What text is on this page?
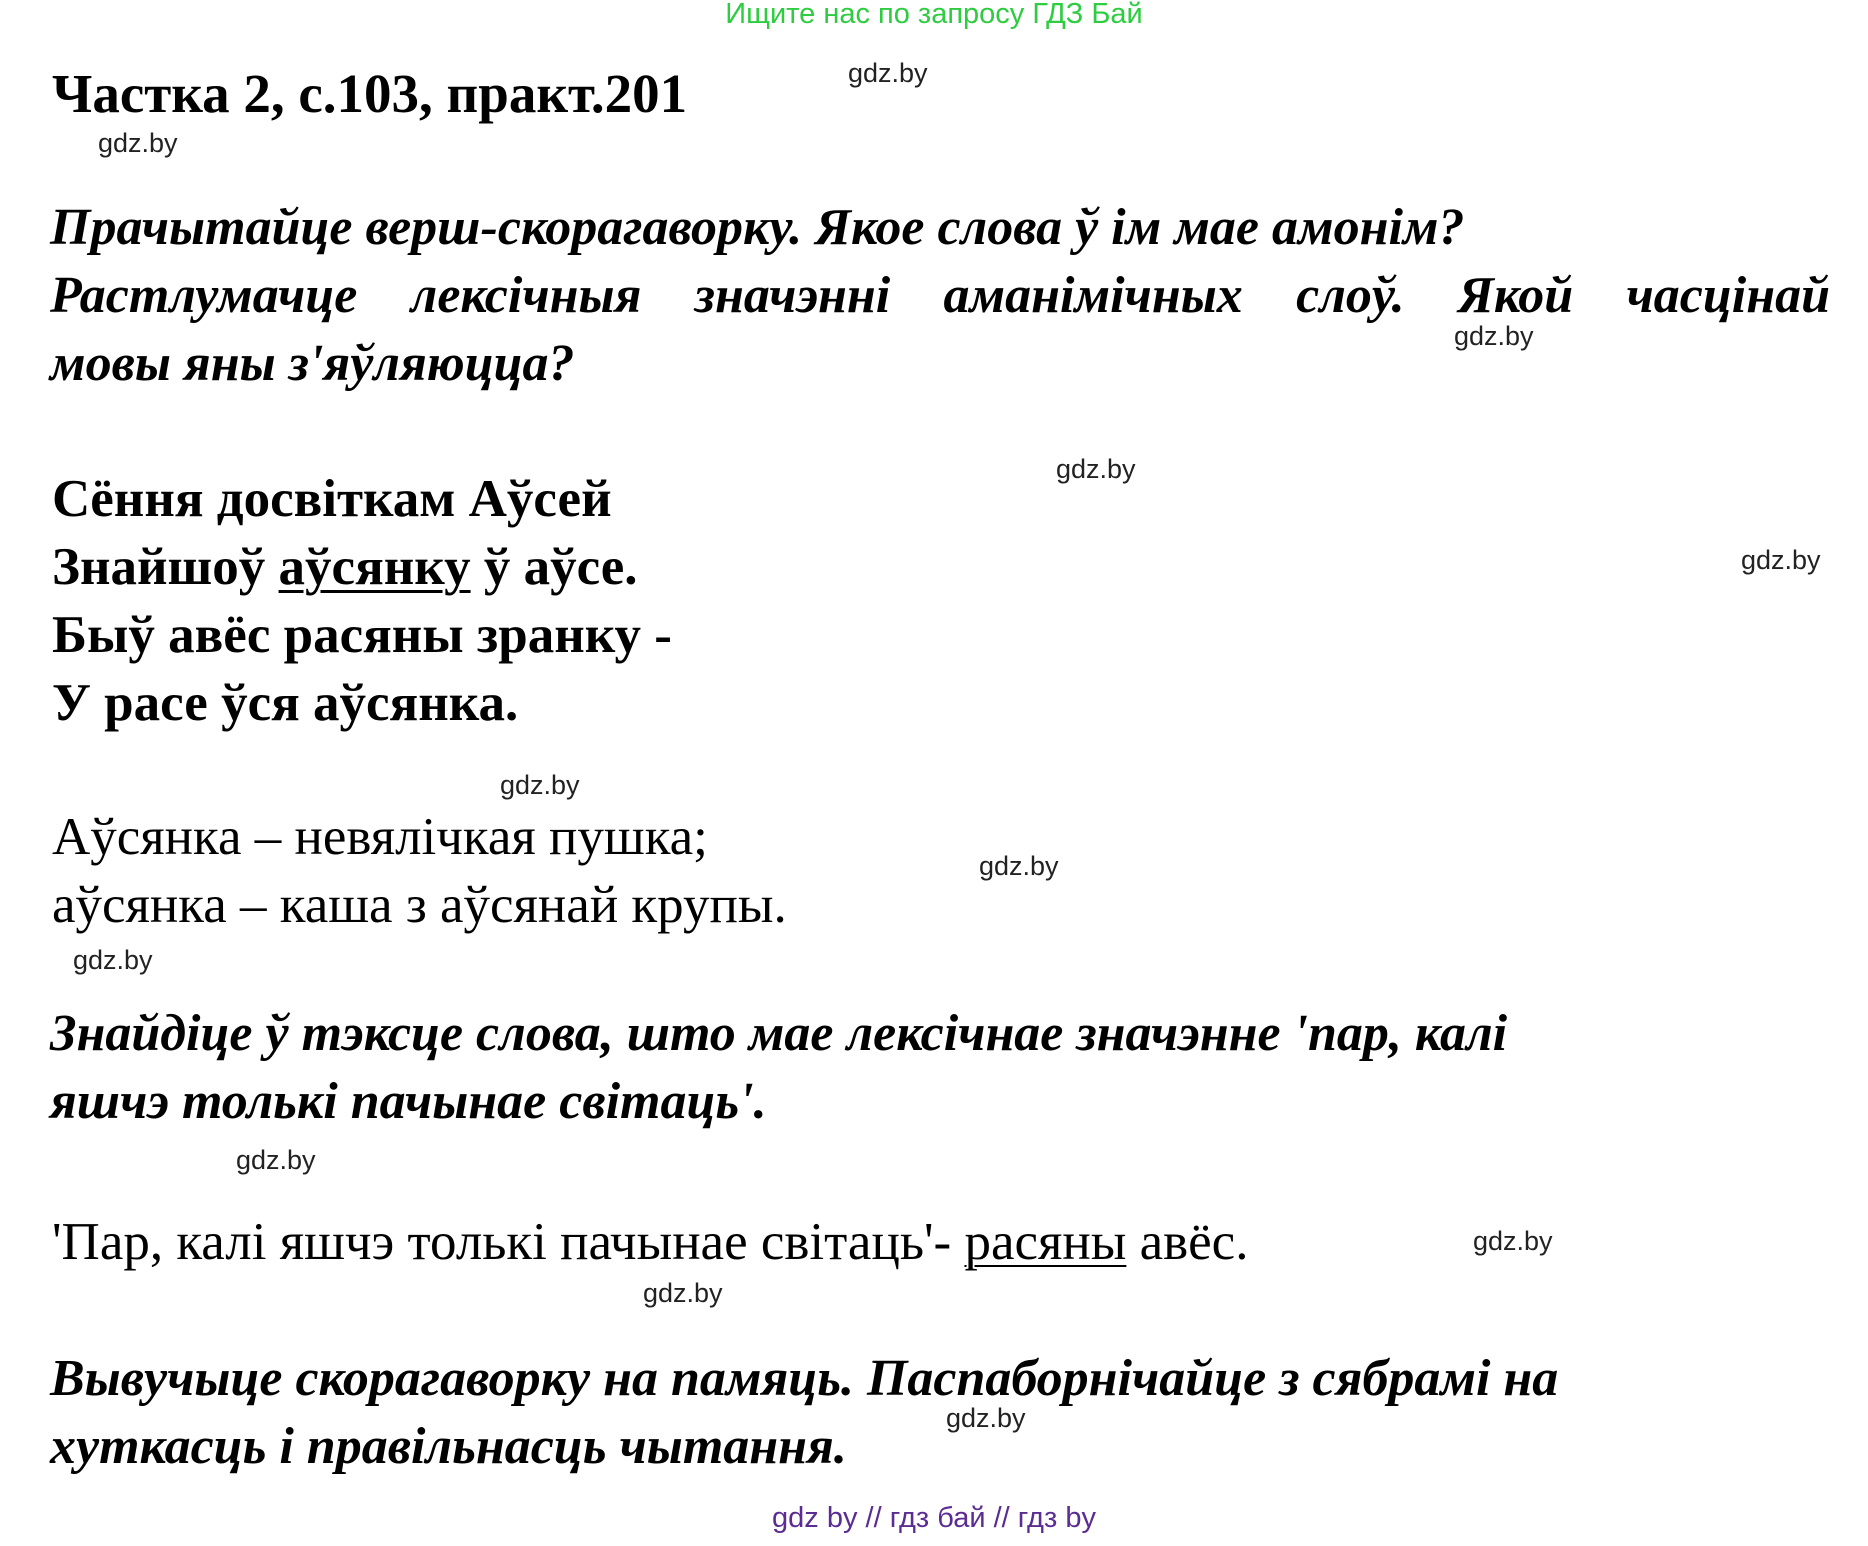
Ищите нас по запросу ГДЗ Бай
Частка 2, с.103, практ.201
Прачытайце верш-скорагаворку. Якое слова ў ім мае амонім?
Растлумачце лексічныя значэнні аманімічных слоў. Якой часцінай
мовы яны з'яўляюцца?
Сёння досвіткам Аўсей
Знайшоў аўсянку ў аўсе.
Быў авёс расяны зранку -
У расе ўся аўсянка.
Аўсянка – невялічкая пушка;
аўсянка – каша з аўсянай крупы.
Знайдіце ў тэксце слова, што мае лексічнае значэнне 'пар, калі
яшчэ толькі пачынае світаць'.
'Пар, калі яшчэ толькі пачынае світаць'- расяны авёс.
Вывучыце скорагаворку на памяць. Паспаборнічайце з сябрамі на
хуткасць і правільнасць чытання.
gdz.by
gdz.by
gdz.by
gdz.by
gdz.by
gdz.by
gdz.by
gdz.by
gdz.by
gdz.by
gdz.by
gdz.by
gdz by // гдз бай // гдз by
